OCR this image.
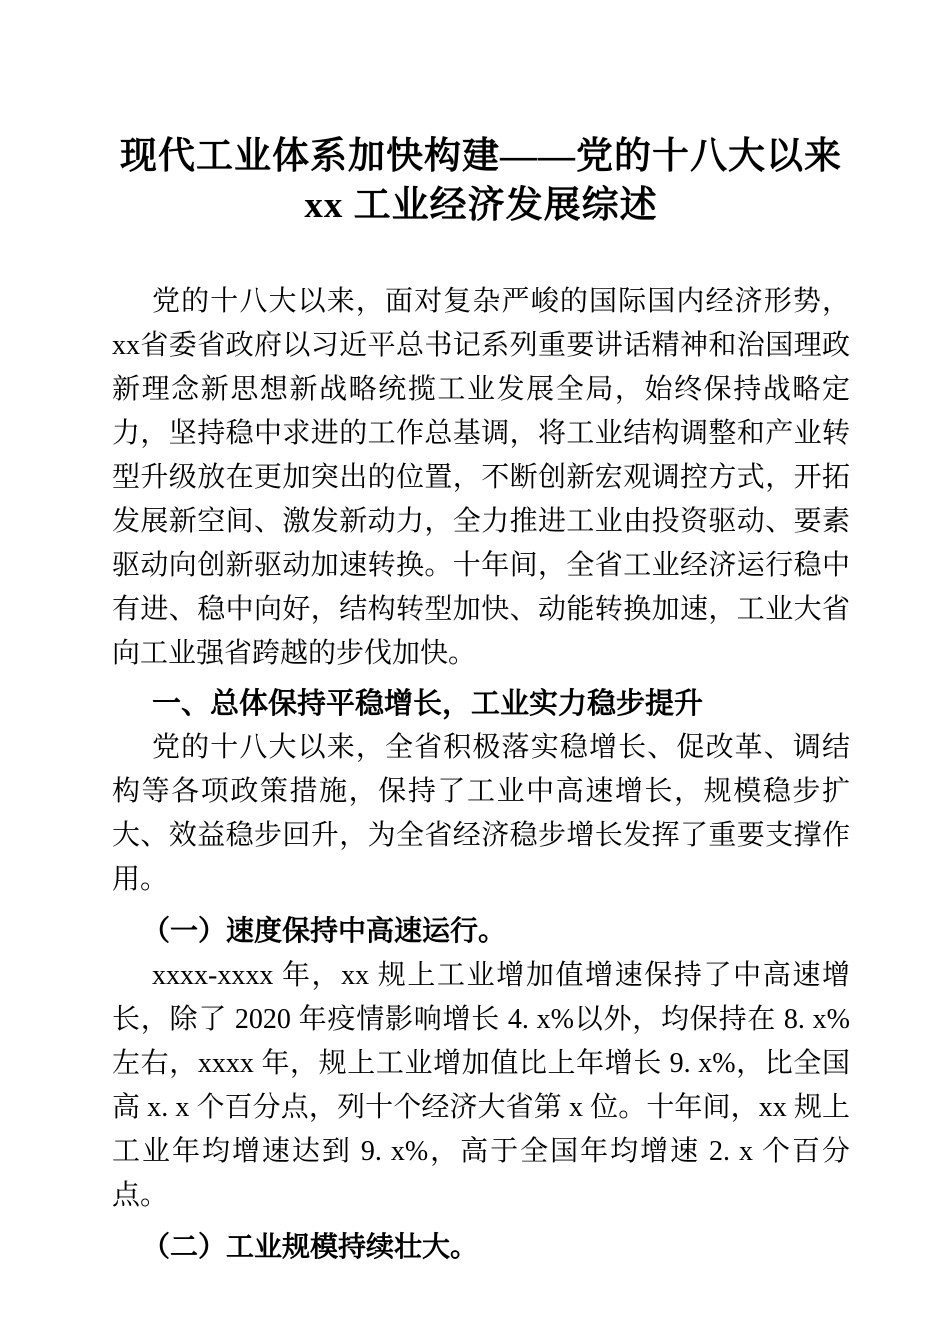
现代工业体系加快构建——党的十八大以来
xx 工业经济发展综述

党的十八大以来，面对复杂严峻的国际国内经济形势，xx省委省政府以习近平总书记系列重要讲话精神和治国理政新理念新思想新战略统揽工业发展全局，始终保持战略定力，坚持稳中求进的工作总基调，将工业结构调整和产业转型升级放在更加突出的位置，不断创新宏观调控方式，开拓发展新空间、激发新动力，全力推进工业由投资驱动、要素驱动向创新驱动加速转换。十年间，全省工业经济运行稳中有进、稳中向好，结构转型加快、动能转换加速，工业大省向工业强省跨越的步伐加快。

一、总体保持平稳增长，工业实力稳步提升

党的十八大以来，全省积极落实稳增长、促改革、调结构等各项政策措施，保持了工业中高速增长，规模稳步扩大、效益稳步回升，为全省经济稳步增长发挥了重要支撑作用。

（一）速度保持中高速运行。

xxxx-xxxx 年，xx 规上工业增加值增速保持了中高速增长，除了 2020 年疫情影响增长 4. x%以外，均保持在 8. x%左右，xxxx 年，规上工业增加值比上年增长 9. x%，比全国高 x. x 个百分点，列十个经济大省第 x 位。十年间，xx 规上工业年均增速达到 9. x%，高于全国年均增速 2. x 个百分点。

（二）工业规模持续壮大。
